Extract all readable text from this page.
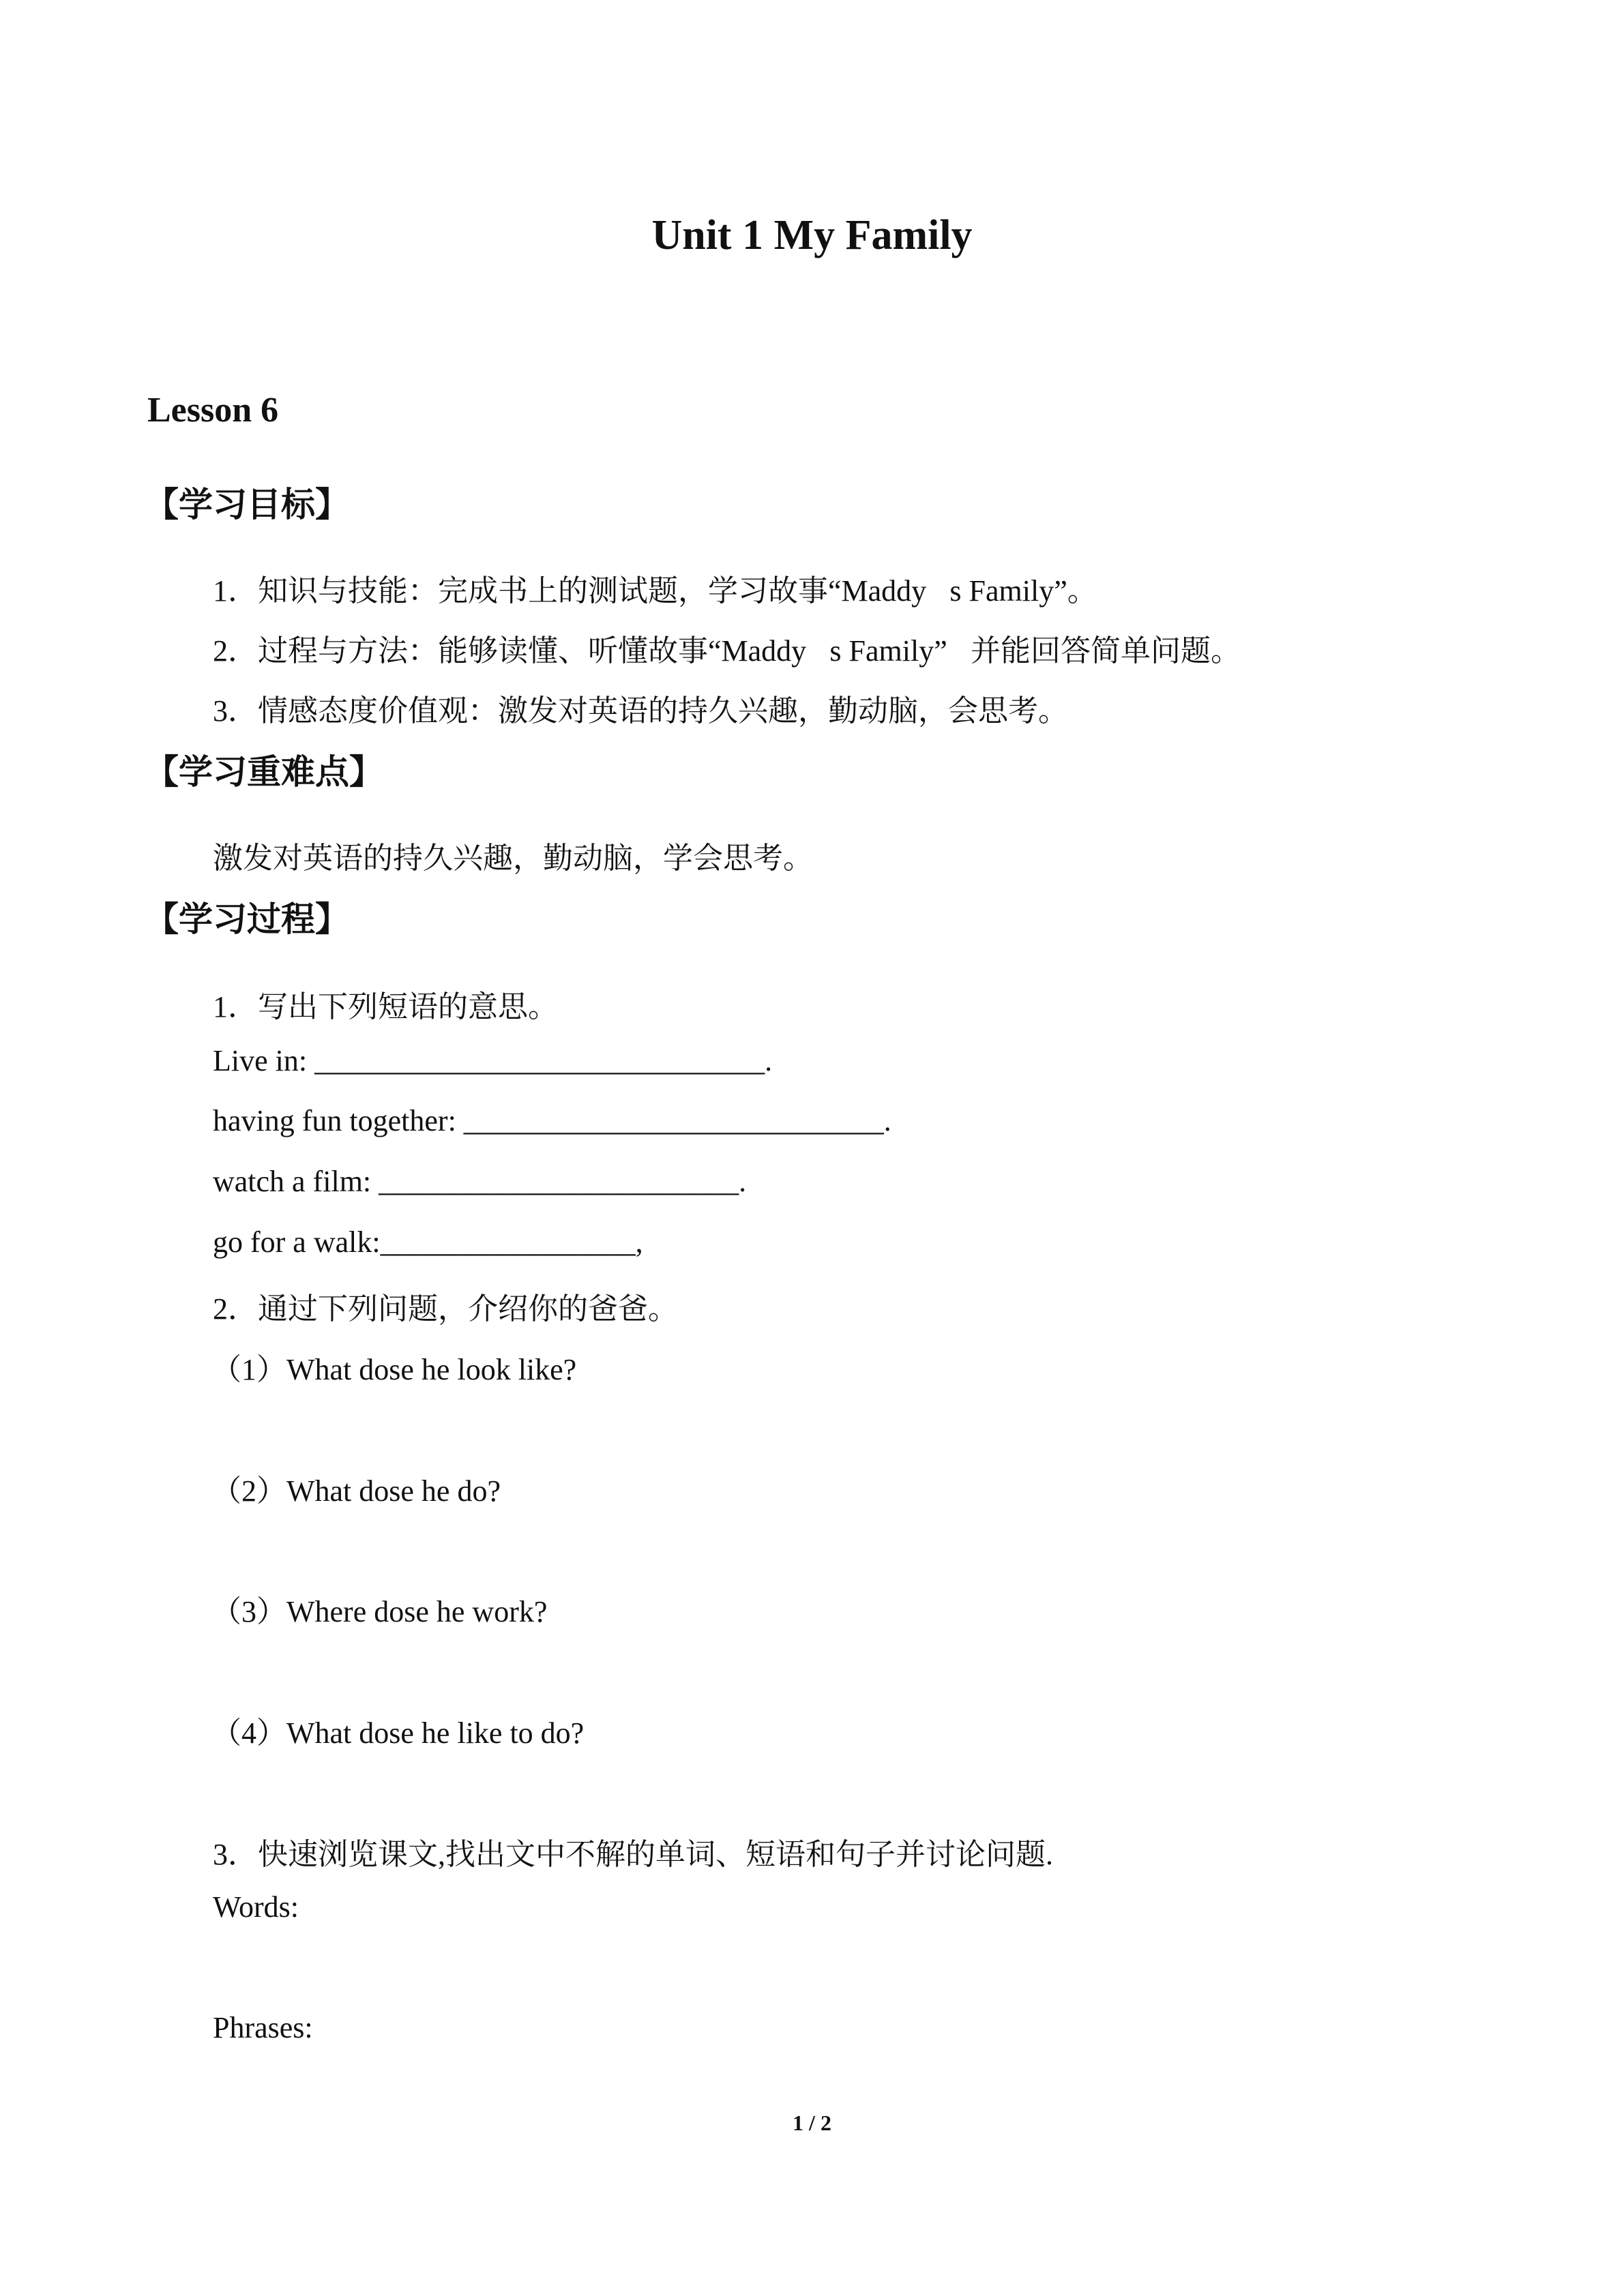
Unit 1 My Family
Lesson 6
【学习目标】
1．知识与技能：完成书上的测试题，学习故事“Maddy s Family”。
2．过程与方法：能够读懂、听懂故事“Maddy s Family”，并能回答简单问题。
3．情感态度价值观：激发对英语的持久兴趣，勤动脑，会思考。
【学习重难点】
激发对英语的持久兴趣，勤动脑，学会思考。
【学习过程】
1．写出下列短语的意思。
Live in: ______________________________.
having fun together: ____________________________.
watch a film: ________________________.
go for a walk:_________________,
2．通过下列问题，介绍你的爸爸。
（1）What dose he look like?
（2）What dose he do?
（3）Where dose he work?
（4）What dose he like to do?
3．快速浏览课文,找出文中不解的单词、短语和句子并讨论问题.
Words:
Phrases:
1 / 2
